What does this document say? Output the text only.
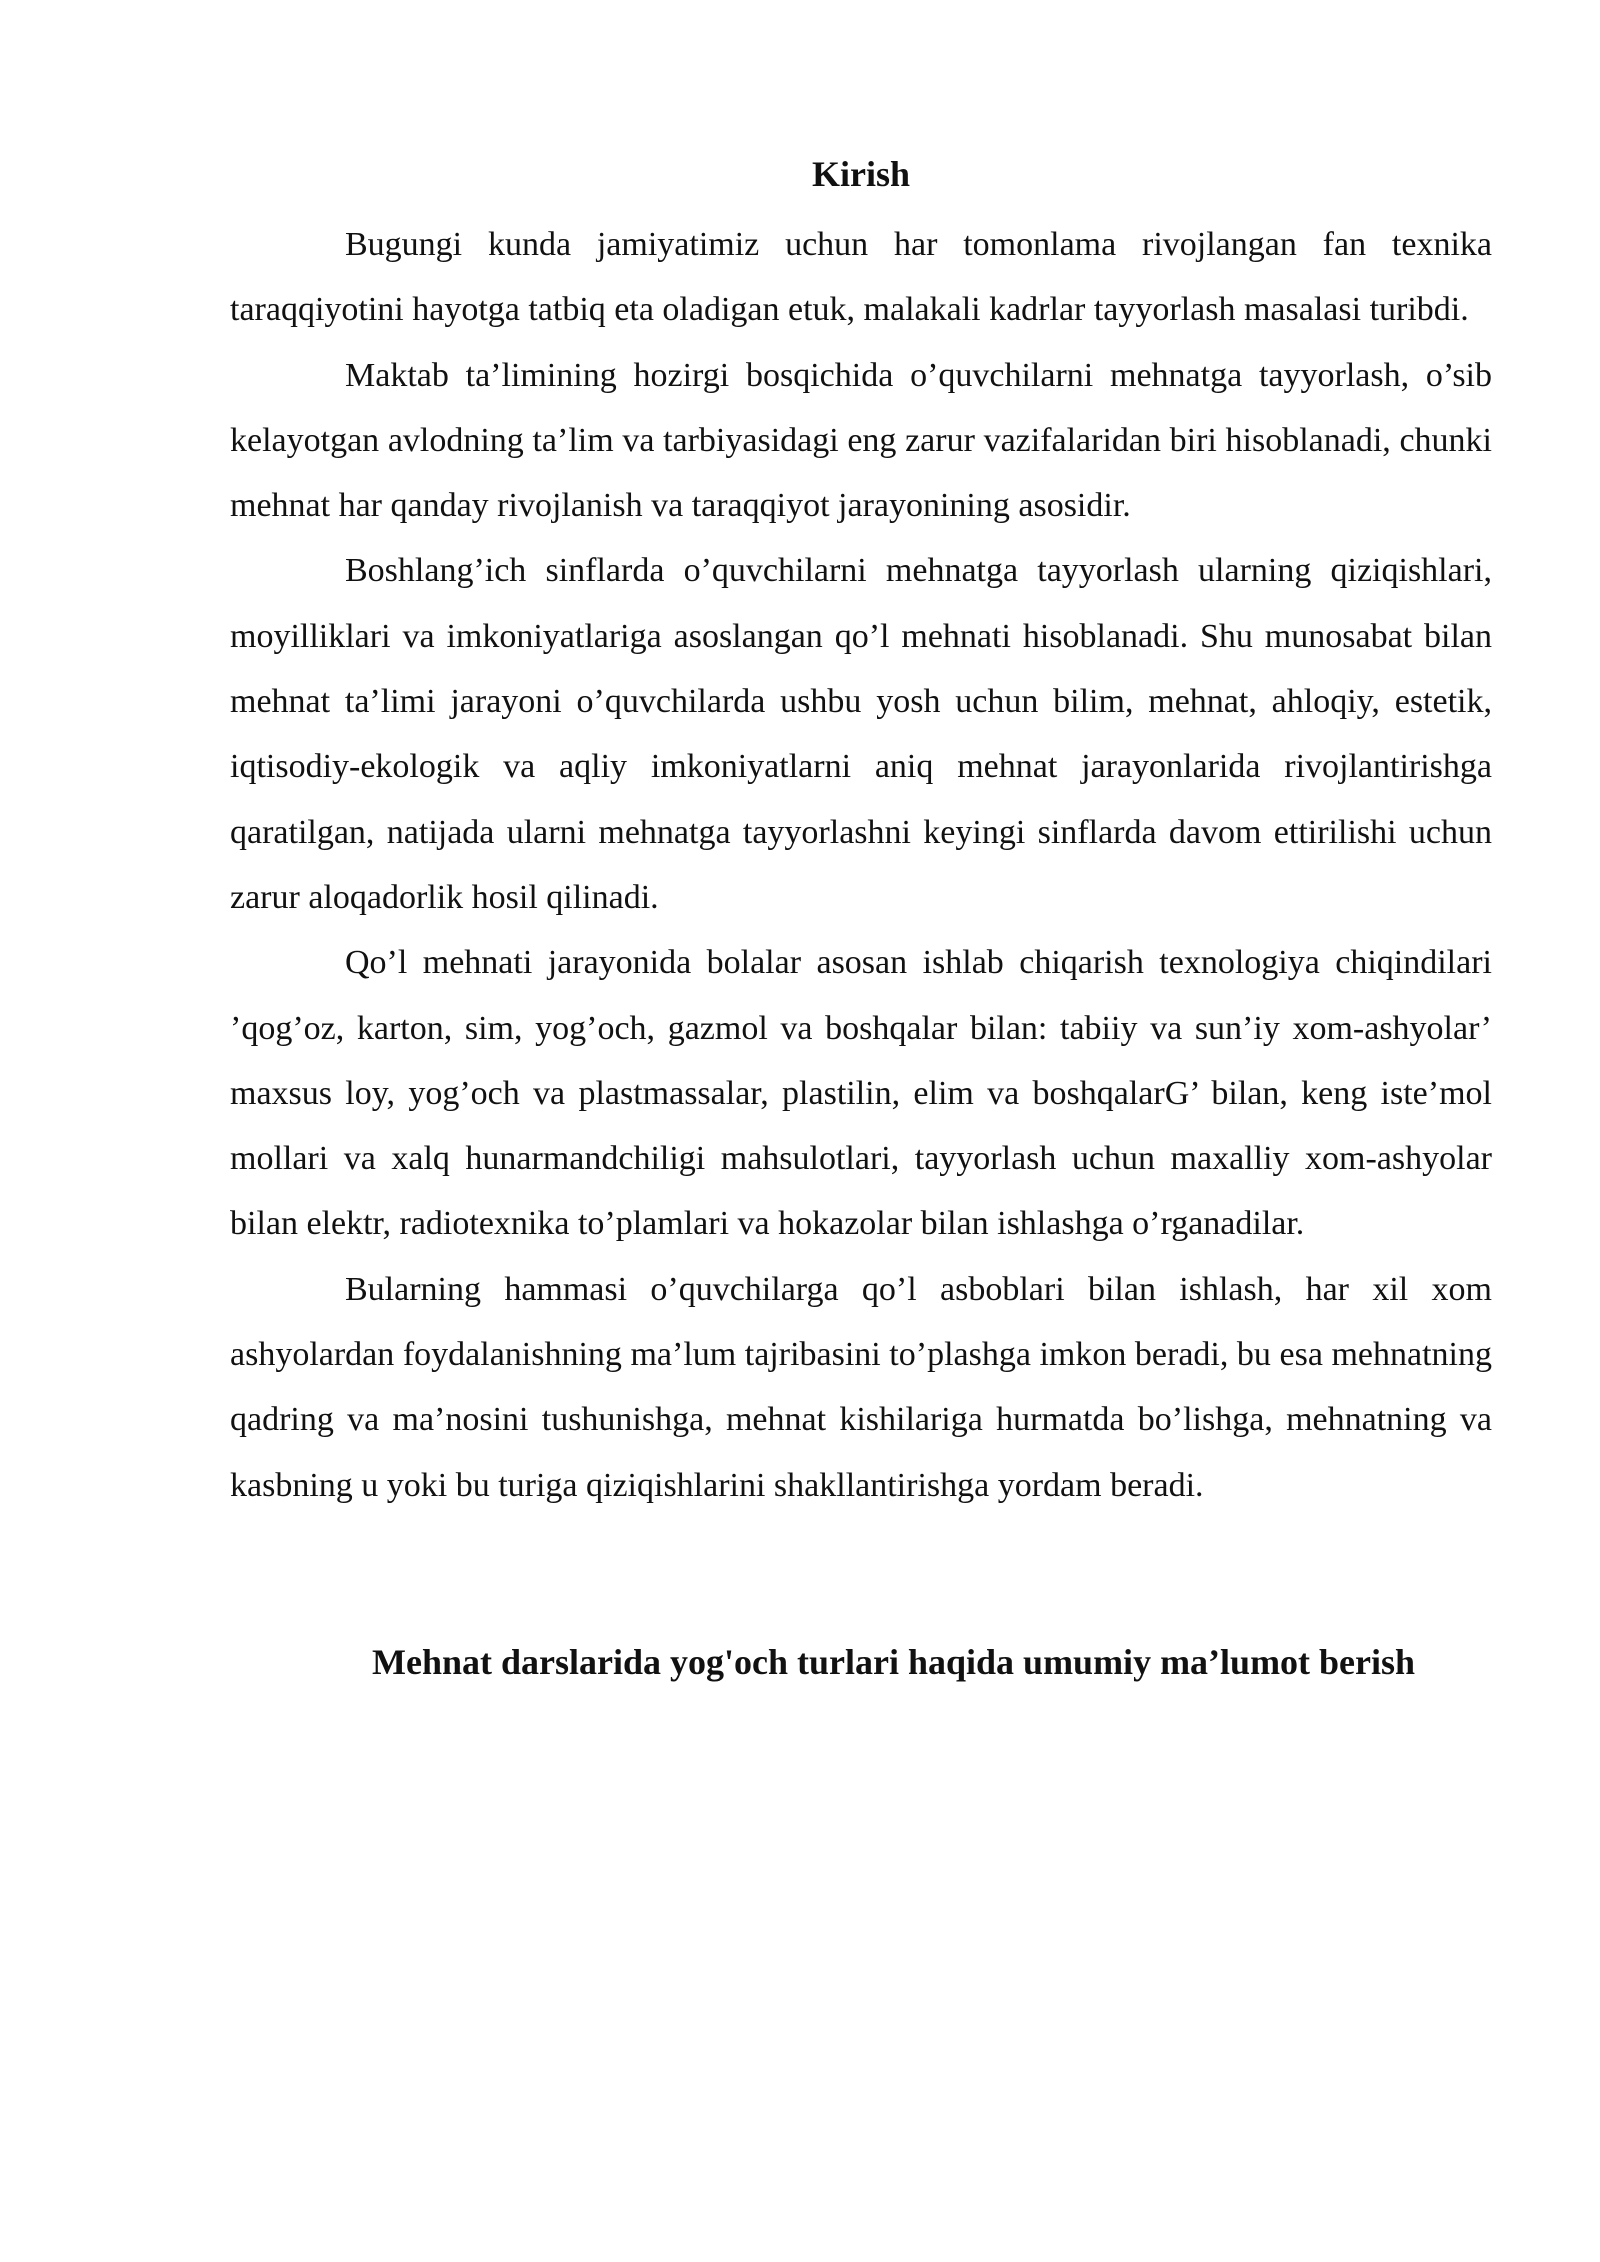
Kirish

Bugungi kunda jamiyatimiz uchun har tomonlama rivojlangan fan texnika taraqqiyotini hayotga tatbiq eta oladigan etuk, malakali kadrlar tayyorlash masalasi turibdi.

Maktab ta’limining hozirgi bosqichida o’quvchilarni mehnatga tayyorlash, o’sib kelayotgan avlodning ta’lim va tarbiyasidagi eng zarur vazifalaridan biri hisoblanadi, chunki mehnat har qanday rivojlanish va taraqqiyot jarayonining asosidir.

Boshlang’ich sinflarda o’quvchilarni mehnatga tayyorlash ularning qiziqishlari, moyilliklari va imkoniyatlariga asoslangan qo’l mehnati hisoblanadi. Shu munosabat bilan mehnat ta’limi jarayoni o’quvchilarda ushbu yosh uchun bilim, mehnat, ahloqiy, estetik, iqtisodiy-ekologik va aqliy imkoniyatlarni aniq mehnat jarayonlarida rivojlantirishga qaratilgan, natijada ularni mehnatga tayyorlashni keyingi sinflarda davom ettirilishi uchun zarur aloqadorlik hosil qilinadi.

Qo’l mehnati jarayonida bolalar asosan ishlab chiqarish texnologiya chiqindilari ’qog’oz, karton, sim, yog’och, gazmol va boshqalar bilan: tabiiy va sun’iy xom-ashyolar’ maxsus loy, yog’och va plastmassalar, plastilin, elim va boshqalarG’ bilan, keng iste’mol mollari va xalq hunarmandchiligi mahsulotlari, tayyorlash uchun maxalliy xom-ashyolar bilan elektr, radiotexnika to’plamlari va hokazolar bilan ishlashga o’rganadilar.

Bularning hammasi o’quvchilarga qo’l asboblari bilan ishlash, har xil xom ashyolardan foydalanishning ma’lum tajribasini to’plashga imkon beradi, bu esa mehnatning qadring va ma’nosini tushunishga, mehnat kishilariga hurmatda bo’lishga, mehnatning va kasbning u yoki bu turiga qiziqishlarini shakllantirishga yordam beradi.

Mehnat darslarida yog'och turlari haqida umumiy ma’lumot berish
